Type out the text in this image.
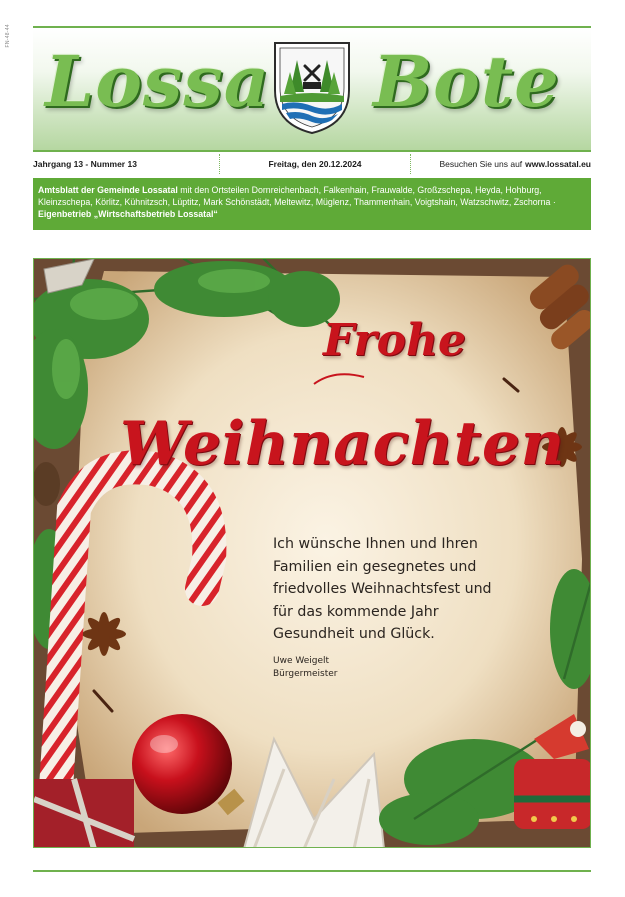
FN-48-44
Lossa Bote
Jahrgang 13 - Nummer 13	Freitag, den 20.12.2024	Besuchen Sie uns auf www.lossatal.eu
Amtsblatt der Gemeinde Lossatal mit den Ortsteilen Dornreichenbach, Falkenhain, Frauwalde, Großzschepa, Heyda, Hohburg, Kleinzschepa, Körlitz, Kühnitzsch, Lüptitz, Mark Schönstädt, Meltewitz, Müglenz, Thammenhain, Voigtshain, Watzschwitz, Zschorna · Eigenbetrieb „Wirtschaftsbetrieb Lossatal“
Frohe
Weihnachten
Ich wünsche Ihnen und Ihren
Familien ein gesegnetes und
friedvolles Weihnachtsfest und
für das kommende Jahr
Gesundheit und Glück.
Uwe Weigelt
Bürgermeister
